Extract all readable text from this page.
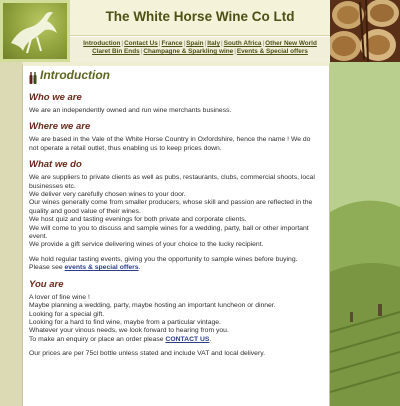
The White Horse Wine Co Ltd
Introduction|Contact Us|France|Spain|Italy|South Africa|Other New World
Claret Bin Ends|Champagne & Sparkling wine|Events & Special offers
Introduction
Who we are

We are an independently owned and run wine merchants business.

Where we are

We are based in the Vale of the White Horse Country in Oxfordshire, hence the name ! We do not operate a retail outlet, thus enabling us to keep prices down.

What we do

We are suppliers to private clients as well as pubs, restaurants, clubs, commercial shoots, local businesses etc.
We deliver very carefully chosen wines to your door.
Our wines generally come from smaller producers, whose skill and passion are reflected in the quality and good value of their wines.
We host quiz and tasting evenings for both private and corporate clients.
We will come to you to discuss and sample wines for a wedding, party, ball or other important event.
We provide a gift service delivering wines of your choice to the lucky recipient.

We hold regular tasting events, giving you the opportunity to sample wines before buying.
Please see events & special offers.

You are

A lover of fine wine !
Maybe planning a wedding, party, maybe hosting an important luncheon or dinner.
Looking for a special gift.
Looking for a hard to find wine, maybe from a particular vintage.
Whatever your vinous needs, we look forward to hearing from you.
To make an enquiry or place an order please CONTACT US.

Our prices are per 75cl bottle unless stated and include VAT and local delivery.
